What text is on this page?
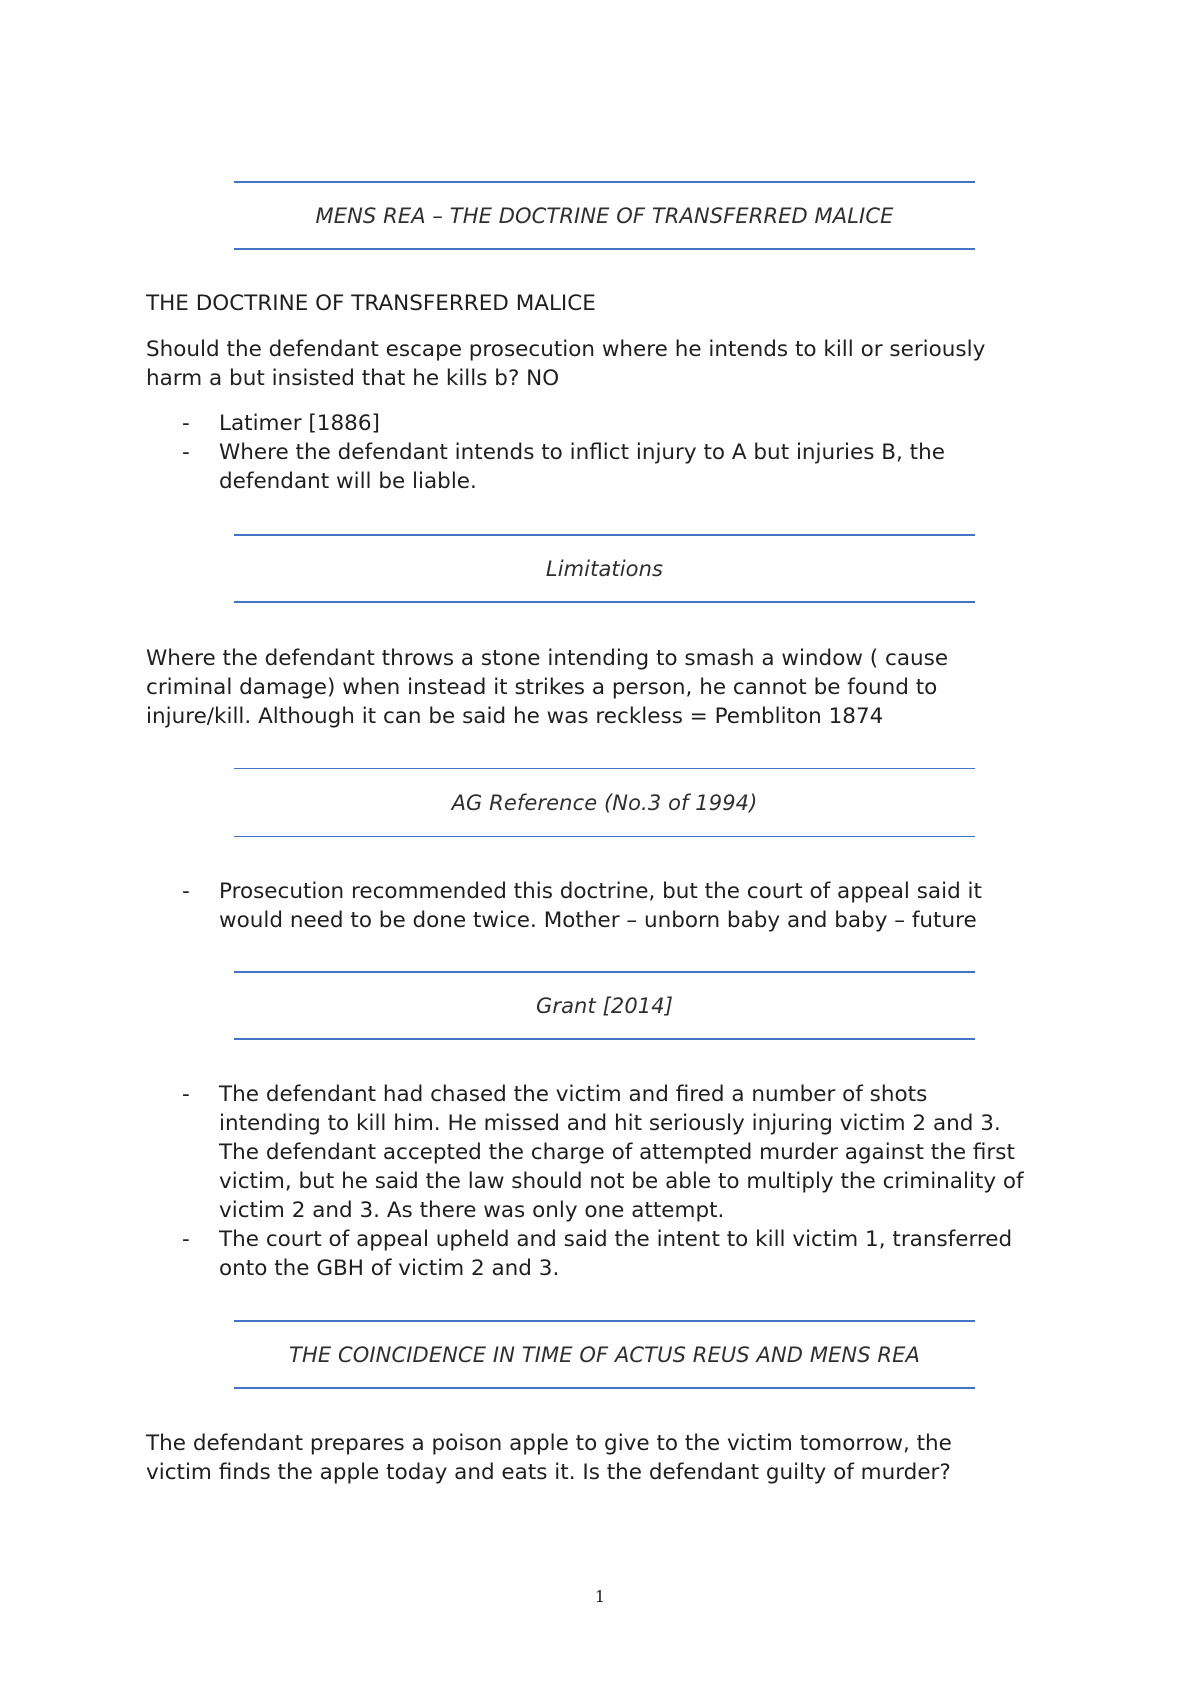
MENS REA – THE DOCTRINE OF TRANSFERRED MALICE

THE DOCTRINE OF TRANSFERRED MALICE

Should the defendant escape prosecution where he intends to kill or seriously
harm a but insisted that he kills b? NO

- Latimer [1886]
- Where the defendant intends to inflict injury to A but injuries B, the
defendant will be liable.
Limitations

Where the defendant throws a stone intending to smash a window ( cause
criminal damage) when instead it strikes a person, he cannot be found to
injure/kill. Although it can be said he was reckless = Pembliton 1874

AG Reference (No.3 of 1994)
- Prosecution recommended this doctrine, but the court of appeal said it
would need to be done twice. Mother – unborn baby and baby – future
Grant [2014]
- The defendant had chased the victim and fired a number of shots
intending to kill him. He missed and hit seriously injuring victim 2 and 3.
The defendant accepted the charge of attempted murder against the first
victim, but he said the law should not be able to multiply the criminality of
victim 2 and 3. As there was only one attempt.
- The court of appeal upheld and said the intent to kill victim 1, transferred
onto the GBH of victim 2 and 3.
THE COINCIDENCE IN TIME OF ACTUS REUS AND MENS REA

The defendant prepares a poison apple to give to the victim tomorrow, the
victim finds the apple today and eats it. Is the defendant guilty of murder?

1
